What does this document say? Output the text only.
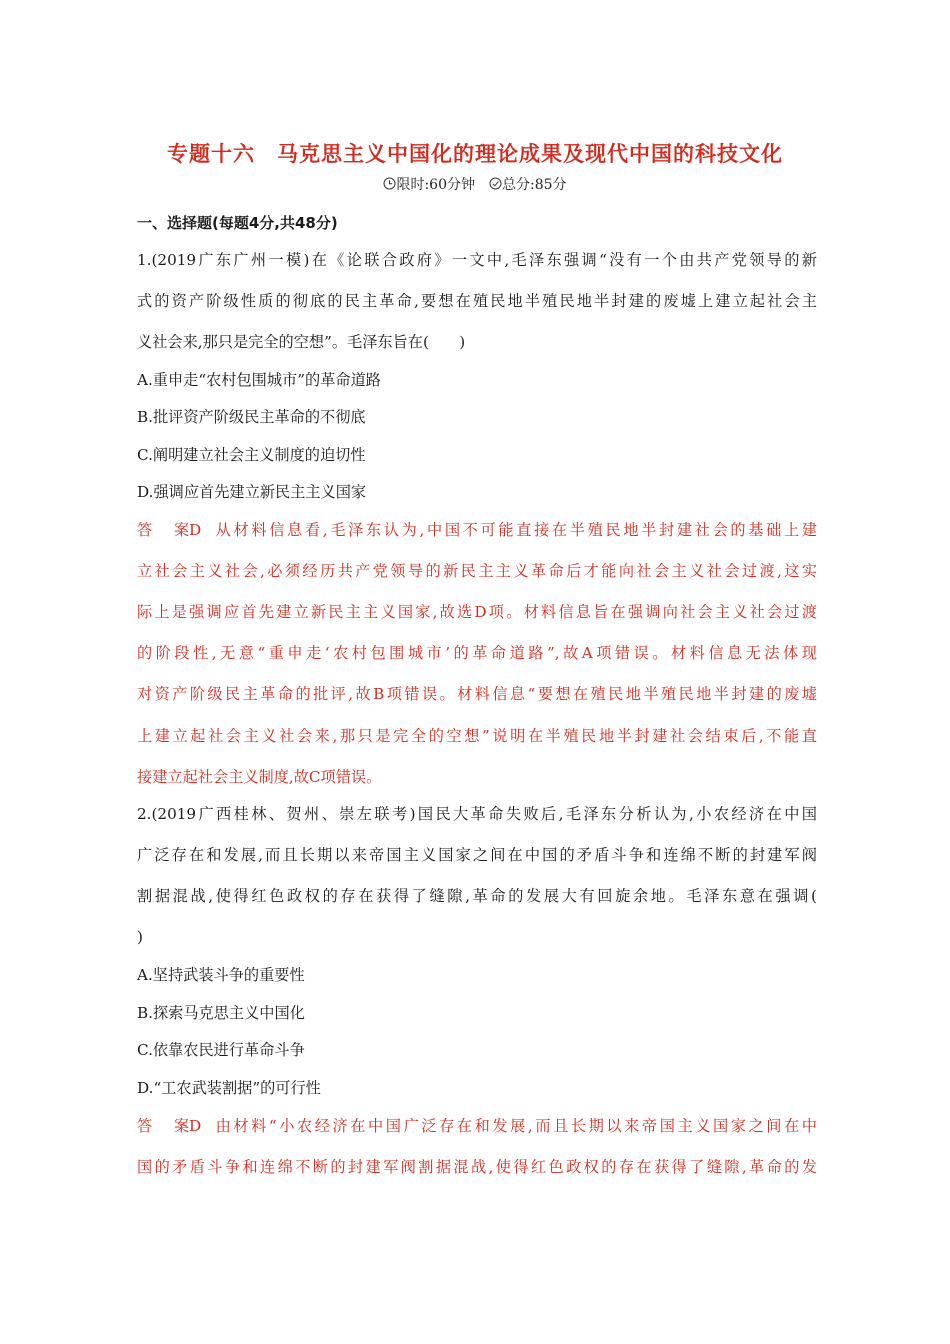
专题十六　马克思主义中国化的理论成果及现代中国的科技文化
限时:60分钟 总分:85分
一、选择题(每题4分,共48分)
1.(2019广东广州一模)在《论联合政府》一文中,毛泽东强调“没有一个由共产党领导的新
式的资产阶级性质的彻底的民主革命,要想在殖民地半殖民地半封建的废墟上建立起社会主
义社会来,那只是完全的空想”。毛泽东旨在(　　)
A.重申走“农村包围城市”的革命道路
B.批评资产阶级民主革命的不彻底
C.阐明建立社会主义制度的迫切性
D.强调应首先建立新民主主义国家
答案D 从材料信息看,毛泽东认为,中国不可能直接在半殖民地半封建社会的基础上建
立社会主义社会,必须经历共产党领导的新民主主义革命后才能向社会主义社会过渡,这实
际上是强调应首先建立新民主主义国家,故选D项。材料信息旨在强调向社会主义社会过渡
的阶段性,无意“重申走‘农村包围城市’的革命道路”,故A项错误。材料信息无法体现
对资产阶级民主革命的批评,故B项错误。材料信息“要想在殖民地半殖民地半封建的废墟
上建立起社会主义社会来,那只是完全的空想”说明在半殖民地半封建社会结束后,不能直
接建立起社会主义制度,故C项错误。
2.(2019广西桂林、贺州、崇左联考)国民大革命失败后,毛泽东分析认为,小农经济在中国
广泛存在和发展,而且长期以来帝国主义国家之间在中国的矛盾斗争和连绵不断的封建军阀
割据混战,使得红色政权的存在获得了缝隙,革命的发展大有回旋余地。毛泽东意在强调(
)
A.坚持武装斗争的重要性
B.探索马克思主义中国化
C.依靠农民进行革命斗争
D.“工农武装割据”的可行性
答案D 由材料“小农经济在中国广泛存在和发展,而且长期以来帝国主义国家之间在中
国的矛盾斗争和连绵不断的封建军阀割据混战,使得红色政权的存在获得了缝隙,革命的发
